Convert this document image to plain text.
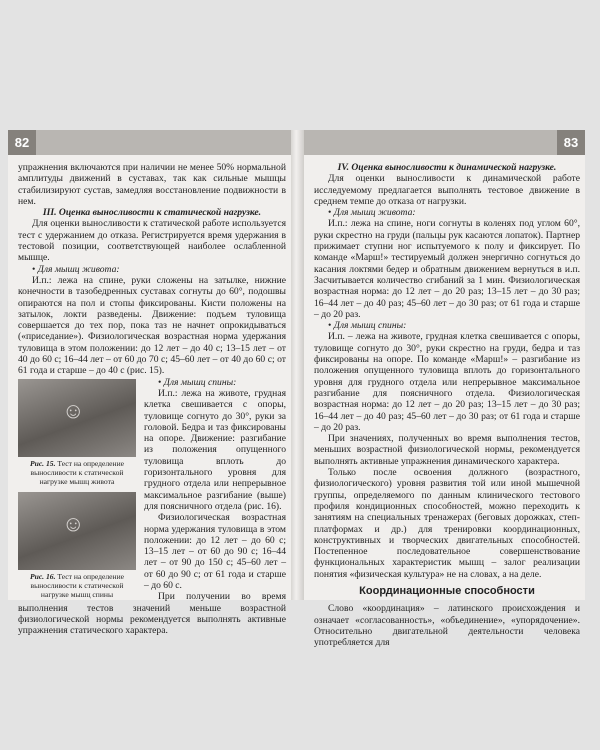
82

упражнения включаются при наличии не менее 50% нормальной амплитуды движений в суставах, так как сильные мышцы стабилизируют сустав, замедляя восстановление подвижности в нем.

III. Оценка выносливости к статической нагрузке.

Для оценки выносливости к статической работе используется тест с удержанием до отказа. Регистрируется время удержания в тестовой позиции, соответствующей наиболее ослабленной мышце.

• Для мышц живота:

И.п.: лежа на спине, руки сложены на затылке, нижние конечности в тазобедренных суставах согнуты до 60°, подошвы опираются на пол и стопы фиксированы. Кисти положены на затылок, локти разведены. Движение: подъем туловища совершается до тех пор, пока таз не начнет опрокидываться («приседание»). Физиологическая возрастная норма удержания туловища в этом положении: до 12 лет – до 40 с; 13–15 лет – от 40 до 60 с; 16–44 лет – от 60 до 70 с; 45–60 лет – от 40 до 60 с; от 61 года и старше – до 40 с (рис. 15).

☺
Рис. 15. Тест на определение выносливости к статической нагрузке мышц живота
☺
Рис. 16. Тест на определение выносливости к статической нагрузке мышц спины

• Для мышц спины:

И.п.: лежа на животе, грудная клетка свешивается с опоры, туловище согнуто до 30°, руки за головой. Бедра и таз фиксированы на опоре. Движение: разгибание из положения опущенного туловища вплоть до горизонтального уровня для грудного отдела или непрерывное максимальное разгибание (выше) для поясничного отдела (рис. 16).

Физиологическая возрастная норма удержания туловища в этом положении: до 12 лет – до 60 с; 13–15 лет – от 60 до 90 с; 16–44 лет – от 90 до 150 с; 45–60 лет – от 60 до 90 с; от 61 года и старше – до 60 с.

При получении во время выполнения тестов значений меньше возрастной физиологической нормы рекомендуется выполнять активные упражнения статического характера.

83

IV. Оценка выносливости к динамической нагрузке.

Для оценки выносливости к динамической работе исследуемому предлагается выполнять тестовое движение в среднем темпе до отказа от нагрузки.

• Для мышц живота:

И.п.: лежа на спине, ноги согнуты в коленях под углом 60°, руки скрестно на груди (пальцы рук касаются лопаток). Партнер прижимает ступни ног испытуемого к полу и фиксирует. По команде «Марш!» тестируемый должен энергично согнуться до касания локтями бедер и обратным движением вернуться в и.п. Засчитывается количество сгибаний за 1 мин. Физиологическая возрастная норма: до 12 лет – до 20 раз; 13–15 лет – до 30 раз; 16–44 лет – до 40 раз; 45–60 лет – до 30 раз; от 61 года и старше – до 20 раз.

• Для мышц спины:

И.п. – лежа на животе, грудная клетка свешивается с опоры, туловище согнуто до 30°, руки скрестно на груди, бедра и таз фиксированы на опоре. По команде «Марш!» – разгибание из положения опущенного туловища вплоть до горизонтального уровня для грудного отдела или непрерывное максимальное разгибание для поясничного отдела. Физиологическая возрастная норма: до 12 лет – до 20 раз; 13–15 лет – до 30 раз; 16–44 лет – до 40 раз; 45–60 лет – до 30 раз; от 61 года и старше – до 20 раз.

При значениях, полученных во время выполнения тестов, меньших возрастной физиологической нормы, рекомендуется выполнять активные упражнения динамического характера.

Только после освоения должного (возрастного, физиологического) уровня развития той или иной мышечной группы, определяемого по данным клинического тестового профиля кондиционных способностей, можно переходить к занятиям на специальных тренажерах (беговых дорожках, степ-платформах и др.) для тренировки координационных, конструктивных и творческих двигательных способностей. Постепенное последовательное совершенствование функциональных характеристик мышц – залог реализации понятия «физическая культура» не на словах, а на деле.

Координационные способности

Слово «координация» – латинского происхождения и означает «согласованность», «объединение», «упорядочение». Относительно двигательной деятельности человека употребляется для
